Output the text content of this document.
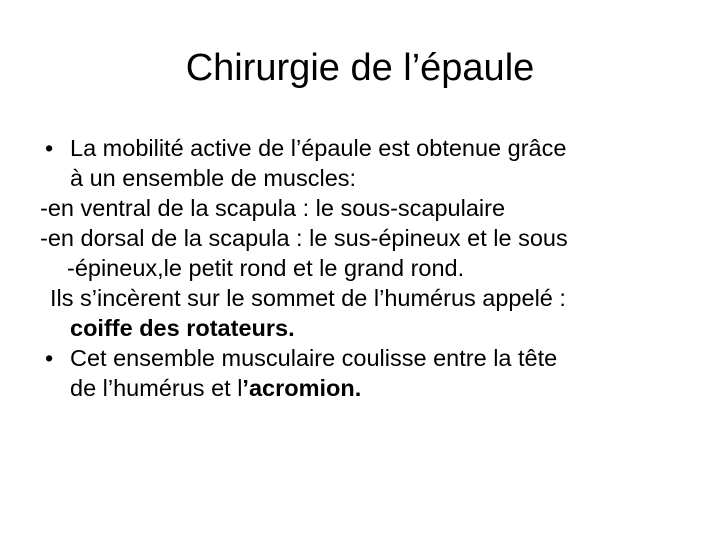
Chirurgie de l’épaule

• La mobilité active de l’épaule est obtenue grâce

à un ensemble de muscles:

-en ventral de la scapula : le sous-scapulaire

-en dorsal de la scapula : le sus-épineux et le sous

-épineux,le petit rond et le grand rond.

Ils s’incèrent sur le sommet de l’humérus appelé :

coiffe des rotateurs.

• Cet ensemble musculaire coulisse entre la tête

de l’humérus et l’acromion.
